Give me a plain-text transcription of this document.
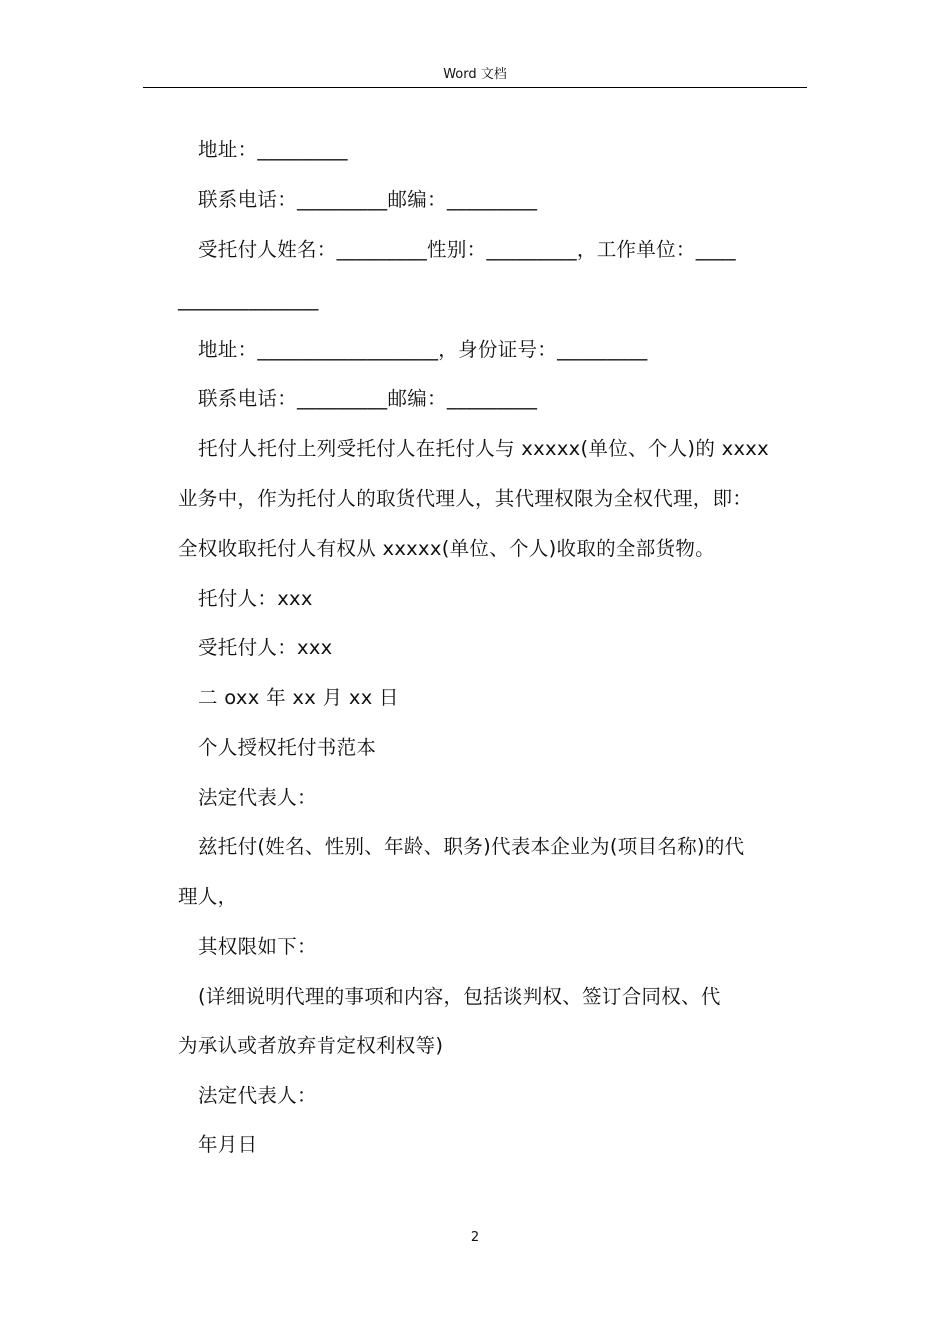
Word 文档
地址：_________
联系电话：_________邮编：_________
受托付人姓名：_________性别：_________，工作单位：____
______________
地址：__________________，身份证号：_________
联系电话：_________邮编：_________
托付人托付上列受托付人在托付人与 xxxxx(单位、个人)的 xxxx
业务中，作为托付人的取货代理人，其代理权限为全权代理，即：
全权收取托付人有权从 xxxxx(单位、个人)收取的全部货物。
托付人：xxx
受托付人：xxx
二 oxx 年 xx 月 xx 日
个人授权托付书范本
法定代表人：
兹托付(姓名、性别、年龄、职务)代表本企业为(项目名称)的代
理人，
其权限如下：
(详细说明代理的事项和内容，包括谈判权、签订合同权、代
为承认或者放弃肯定权利权等)
法定代表人：
年月日
2
